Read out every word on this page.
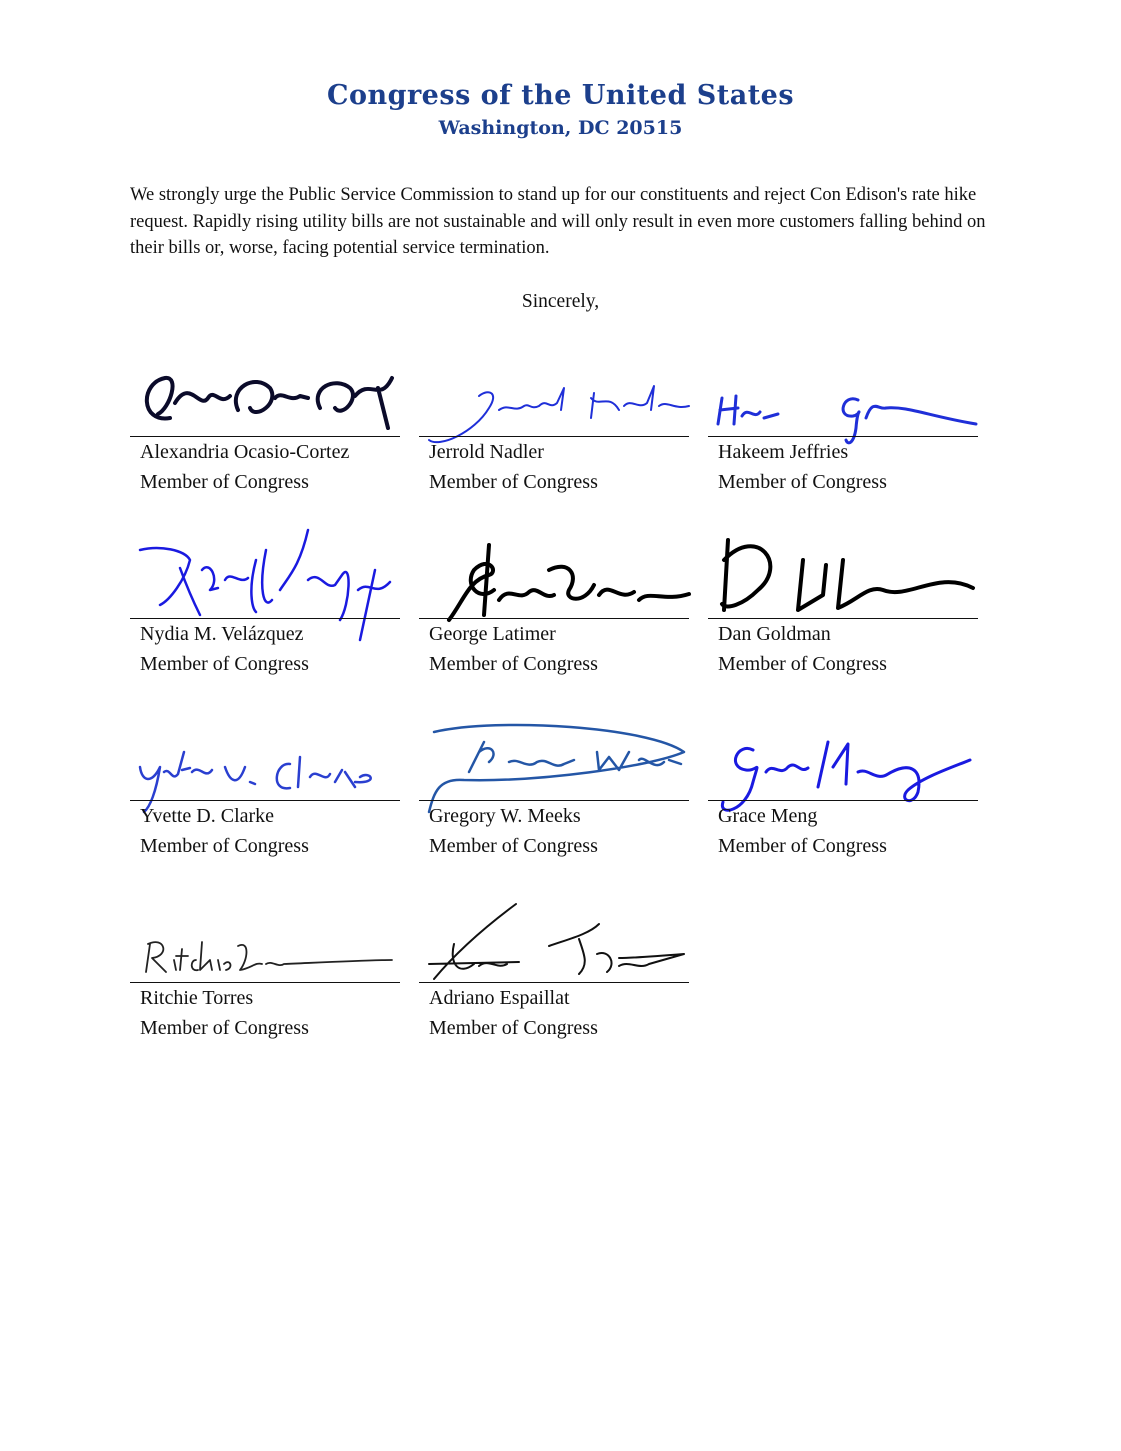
Congress of the United States
Washington, DC 20515

We strongly urge the Public Service Commission to stand up for our constituents and reject Con Edison's rate hike request. Rapidly rising utility bills are not sustainable and will only result in even more customers falling behind on their bills or, worse, facing potential service termination.

Sincerely,
Alexandria Ocasio-Cortez
Member of Congress
Jerrold Nadler
Member of Congress
Hakeem Jeffries
Member of Congress
Nydia M. Velázquez
Member of Congress
George Latimer
Member of Congress
Dan Goldman
Member of Congress
Yvette D. Clarke
Member of Congress
Gregory W. Meeks
Member of Congress
Grace Meng
Member of Congress
Ritchie Torres
Member of Congress
Adriano Espaillat
Member of Congress
